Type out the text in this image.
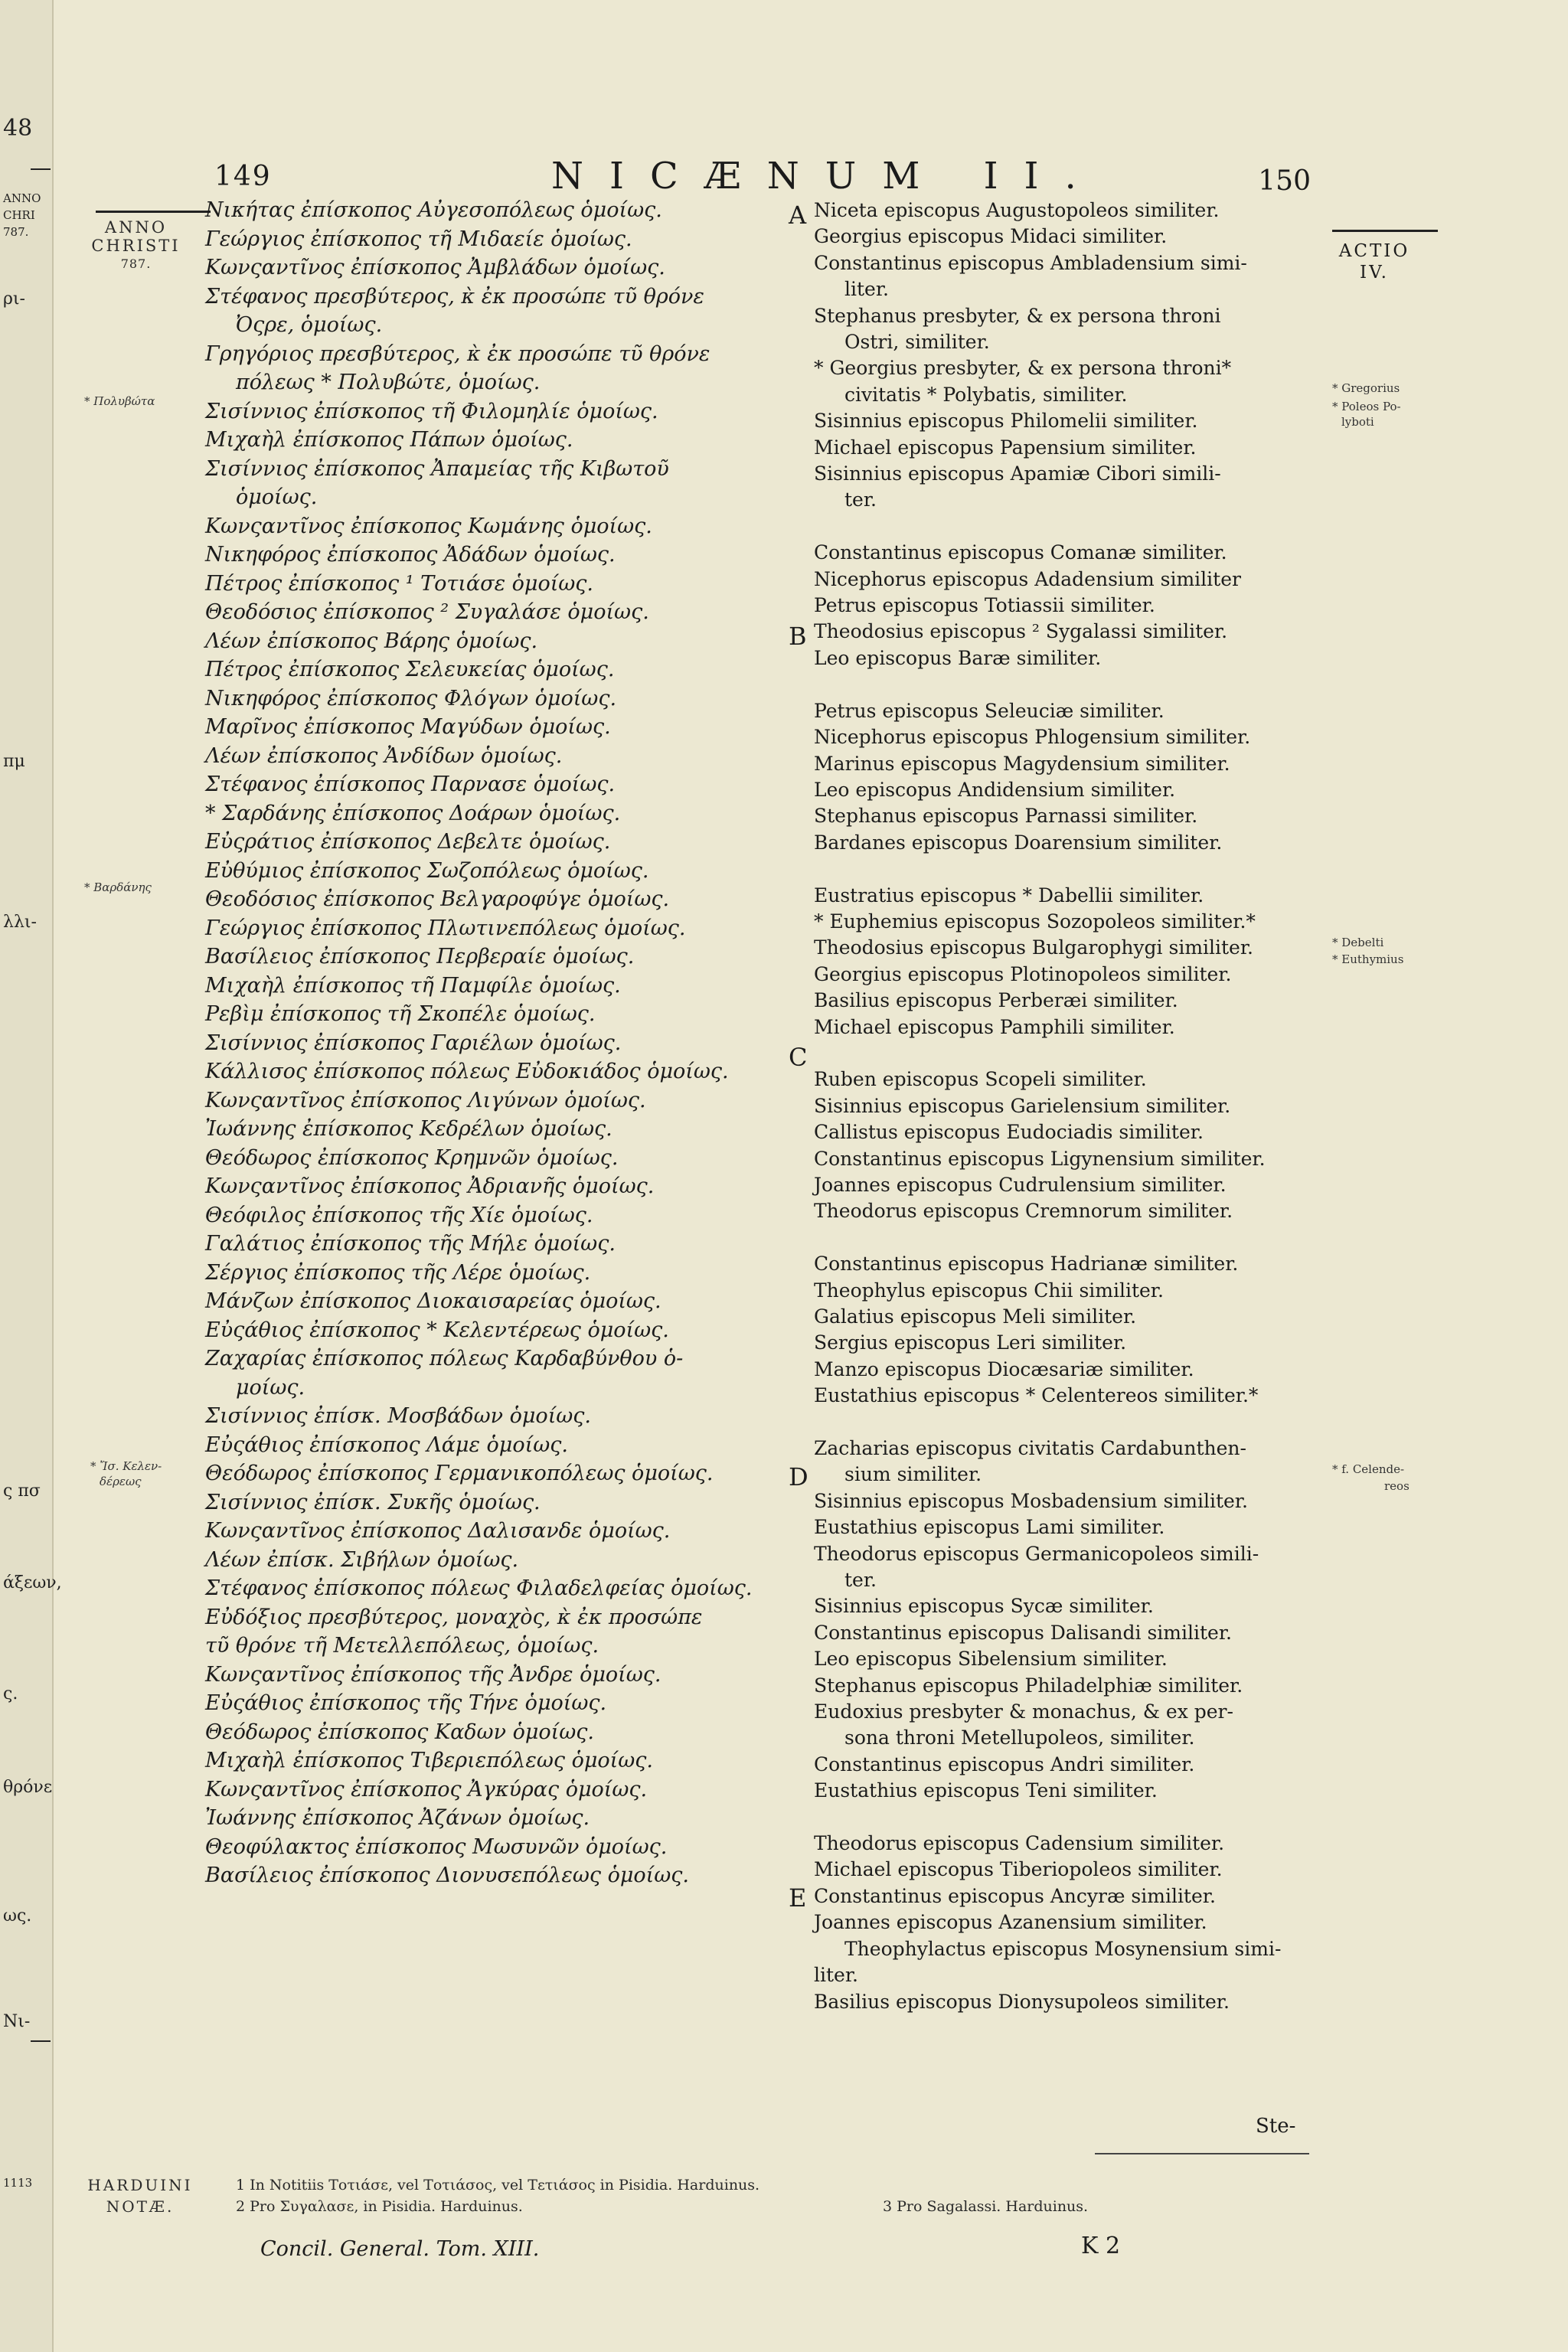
48
ANNO
CHRI
787.
ρι-
πμ
λλι-
ς πσ
άξεων,
ς.
θρόνε
ως.
Νι-
1113
149	NICÆNUM II.	150
ANNO
CHRISTI
787.
* Πολυβώτα
* Βαρδάνης
* Ἴσ. Κελεν-
δέρεως
ACTIO
IV.
* Gregorius
* Poleos Po-
lyboti
* Debelti
* Euthymius
* f. Celende-
reos
A
B
C
D
E
Νικήτας ἐπίσκοπος Αὐγεσοπόλεως ὁμοίως.
Γεώργιος ἐπίσκοπος τῆ Μιδαείε ὁμοίως.
Κωνςαντῖνος ἐπίσκοπος Ἀμβλάδων ὁμοίως.
Στέφανος πρεσβύτερος, κ̀ ἐκ προσώπε τῦ θρόνε
Ὀςρε, ὁμοίως.
Γρηγόριος πρεσβύτερος, κ̀ ἐκ προσώπε τῦ θρόνε
πόλεως * Πολυβώτε, ὁμοίως.
Σισίννιος ἐπίσκοπος τῆ Φιλομηλίε ὁμοίως.
Μιχαὴλ ἐπίσκοπος Πάπων ὁμοίως.
Σισίννιος ἐπίσκοπος Ἀπαμείας τῆς Κιβωτοῦ
ὁμοίως.
Κωνςαντῖνος ἐπίσκοπος Κωμάνης ὁμοίως.
Νικηφόρος ἐπίσκοπος Ἀδάδων ὁμοίως.
Πέτρος ἐπίσκοπος ¹ Τοτιάσε ὁμοίως.
Θεοδόσιος ἐπίσκοπος ² Συγαλάσε ὁμοίως.
Λέων ἐπίσκοπος Βάρης ὁμοίως.
Πέτρος ἐπίσκοπος Σελευκείας ὁμοίως.
Νικηφόρος ἐπίσκοπος Φλόγων ὁμοίως.
Μαρῖνος ἐπίσκοπος Μαγύδων ὁμοίως.
Λέων ἐπίσκοπος Ἀνδίδων ὁμοίως.
Στέφανος ἐπίσκοπος Παρνασε ὁμοίως.
* Σαρδάνης ἐπίσκοπος Δοάρων ὁμοίως.
Εὐςράτιος ἐπίσκοπος Δεβελτε ὁμοίως.
Εὐθύμιος ἐπίσκοπος Σωζοπόλεως ὁμοίως.
Θεοδόσιος ἐπίσκοπος Βελγαροφύγε ὁμοίως.
Γεώργιος ἐπίσκοπος Πλωτινεπόλεως ὁμοίως.
Βασίλειος ἐπίσκοπος Περβεραίε ὁμοίως.
Μιχαὴλ ἐπίσκοπος τῆ Παμφίλε ὁμοίως.
Ρεβὶμ ἐπίσκοπος τῆ Σκοπέλε ὁμοίως.
Σισίννιος ἐπίσκοπος Γαριέλων ὁμοίως.
Κάλλισος ἐπίσκοπος πόλεως Εὐδοκιάδος ὁμοίως.
Κωνςαντῖνος ἐπίσκοπος Λιγύνων ὁμοίως.
Ἰωάννης ἐπίσκοπος Κεδρέλων ὁμοίως.
Θεόδωρος ἐπίσκοπος Κρημνῶν ὁμοίως.
Κωνςαντῖνος ἐπίσκοπος Ἀδριανῆς ὁμοίως.
Θεόφιλος ἐπίσκοπος τῆς Χίε ὁμοίως.
Γαλάτιος ἐπίσκοπος τῆς Μήλε ὁμοίως.
Σέργιος ἐπίσκοπος τῆς Λέρε ὁμοίως.
Μάνζων ἐπίσκοπος Διοκαισαρείας ὁμοίως.
Εὐςάθιος ἐπίσκοπος * Κελεντέρεως ὁμοίως.
Ζαχαρίας ἐπίσκοπος πόλεως Καρδαβύνθου ὁ-
μοίως.
Σισίννιος ἐπίσκ. Μοσβάδων ὁμοίως.
Εὐςάθιος ἐπίσκοπος Λάμε ὁμοίως.
Θεόδωρος ἐπίσκοπος Γερμανικοπόλεως ὁμοίως.
Σισίννιος ἐπίσκ. Συκῆς ὁμοίως.
Κωνςαντῖνος ἐπίσκοπος Δαλισανδε ὁμοίως.
Λέων ἐπίσκ. Σιβήλων ὁμοίως.
Στέφανος ἐπίσκοπος πόλεως Φιλαδελφείας ὁμοίως.
Εὐδόξιος πρεσβύτερος, μοναχὸς, κ̀ ἐκ προσώπε
τῦ θρόνε τῆ Μετελλεπόλεως, ὁμοίως.
Κωνςαντῖνος ἐπίσκοπος τῆς Ἀνδρε ὁμοίως.
Εὐςάθιος ἐπίσκοπος τῆς Τήνε ὁμοίως.
Θεόδωρος ἐπίσκοπος Καδων ὁμοίως.
Μιχαὴλ ἐπίσκοπος Τιβεριεπόλεως ὁμοίως.
Κωνςαντῖνος ἐπίσκοπος Ἀγκύρας ὁμοίως.
Ἰωάννης ἐπίσκοπος Ἀζάνων ὁμοίως.
Θεοφύλακτος ἐπίσκοπος Μωσυνῶν ὁμοίως.
Βασίλειος ἐπίσκοπος Διονυσεπόλεως ὁμοίως.
Niceta episcopus Augustopoleos similiter.
Georgius episcopus Midaci similiter.
Constantinus episcopus Ambladensium simi-
liter.
Stephanus presbyter, & ex persona throni
Ostri, similiter.
* Georgius presbyter, & ex persona throni*
civitatis * Polybatis, similiter.
Sisinnius episcopus Philomelii similiter.
Michael episcopus Papensium similiter.
Sisinnius episcopus Apamiæ Cibori simili-
ter.
Constantinus episcopus Comanæ similiter.
Nicephorus episcopus Adadensium similiter
Petrus episcopus Totiassii similiter.
Theodosius episcopus ² Sygalassi similiter.
Leo episcopus Baræ similiter.
Petrus episcopus Seleuciæ similiter.
Nicephorus episcopus Phlogensium similiter.
Marinus episcopus Magydensium similiter.
Leo episcopus Andidensium similiter.
Stephanus episcopus Parnassi similiter.
Bardanes episcopus Doarensium similiter.
Eustratius episcopus * Dabellii similiter.
* Euphemius episcopus Sozopoleos similiter.*
Theodosius episcopus Bulgarophygi similiter.
Georgius episcopus Plotinopoleos similiter.
Basilius episcopus Perberæi similiter.
Michael episcopus Pamphili similiter.
Ruben episcopus Scopeli similiter.
Sisinnius episcopus Garielensium similiter.
Callistus episcopus Eudociadis similiter.
Constantinus episcopus Ligynensium similiter.
Joannes episcopus Cudrulensium similiter.
Theodorus episcopus Cremnorum similiter.
Constantinus episcopus Hadrianæ similiter.
Theophylus episcopus Chii similiter.
Galatius episcopus Meli similiter.
Sergius episcopus Leri similiter.
Manzo episcopus Diocæsariæ similiter.
Eustathius episcopus * Celentereos similiter.*
Zacharias episcopus civitatis Cardabunthen-
sium similiter.
Sisinnius episcopus Mosbadensium similiter.
Eustathius episcopus Lami similiter.
Theodorus episcopus Germanicopoleos simili-
ter.
Sisinnius episcopus Sycæ similiter.
Constantinus episcopus Dalisandi similiter.
Leo episcopus Sibelensium similiter.
Stephanus episcopus Philadelphiæ similiter.
Eudoxius presbyter & monachus, & ex per-
sona throni Metellupoleos, similiter.
Constantinus episcopus Andri similiter.
Eustathius episcopus Teni similiter.
Theodorus episcopus Cadensium similiter.
Michael episcopus Tiberiopoleos similiter.
Constantinus episcopus Ancyræ similiter.
Joannes episcopus Azanensium similiter.
Theophylactus episcopus Mosynensium simi-
liter.
Basilius episcopus Dionysupoleos similiter.
Ste-
HARDUINI
NOTÆ.
1 In Notitiis Τοτιάσε, vel Τοτιάσος, vel Τετιάσος in Pisidia. Harduinus.
2 Pro Συγαλασε, in Pisidia. Harduinus.	3 Pro Sagalassi. Harduinus.
Concil. General. Tom. XIII.	K 2
